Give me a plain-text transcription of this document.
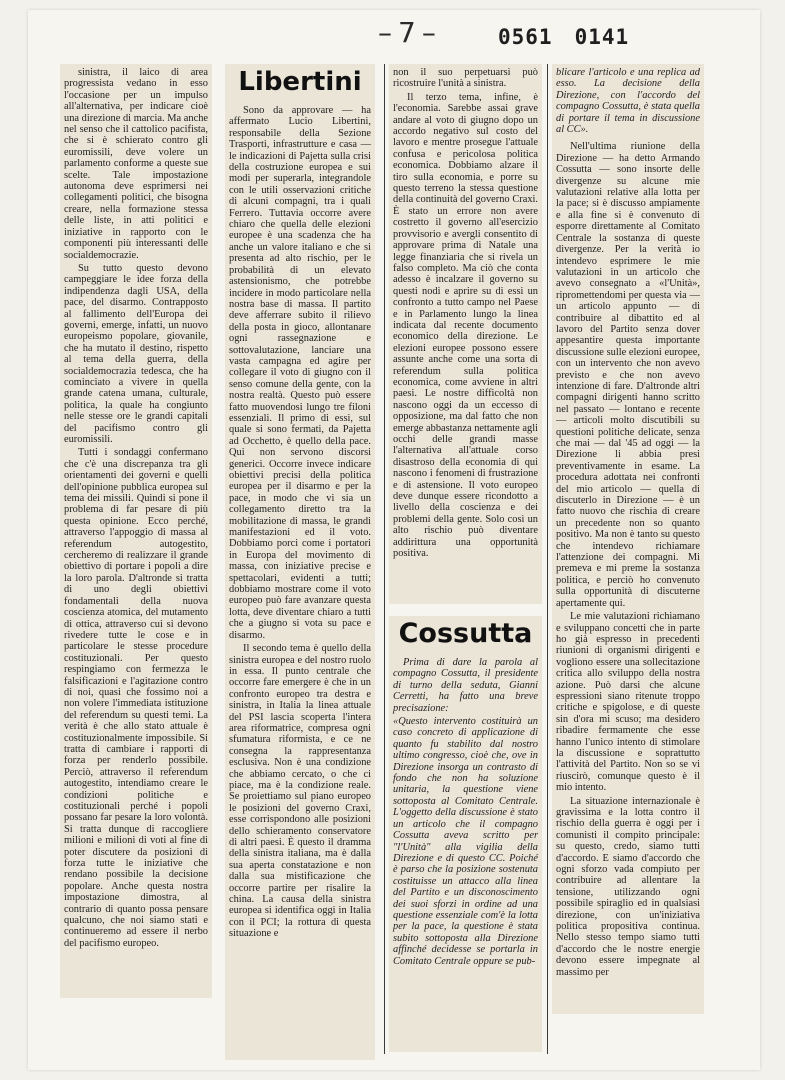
– 7 –	0561 0141

sinistra, il laico di area progressista vedano in esso l'occasione per un impulso all'alternativa, per indicare cioè una direzione di marcia. Ma anche nel senso che il cattolico pacifista, che si è schierato contro gli euromissili, deve volere un parlamento conforme a queste sue scelte. Tale impostazione autonoma deve esprimersi nei collegamenti politici, che bisogna creare, nella formazione stessa delle liste, in atti politici e iniziative in rapporto con le componenti più interessanti delle socialdemocrazie.

Su tutto questo devono campeggiare le idee forza della indipendenza dagli USA, della pace, del disarmo. Contrapposto al fallimento dell'Europa dei governi, emerge, infatti, un nuovo europeismo popolare, giovanile, che ha mutato il destino, rispetto al tema della guerra, della socialdemocrazia tedesca, che ha cominciato a vivere in quella grande catena umana, culturale, politica, la quale ha congiunto nelle stesse ore le grandi capitali del pacifismo contro gli euromissili.

Tutti i sondaggi confermano che c'è una discrepanza tra gli orientamenti dei governi e quelli dell'opinione pubblica europea sul tema dei missili. Quindi si pone il problema di far pesare di più questa opinione. Ecco perché, attraverso l'appoggio di massa al referendum autogestito, cercheremo di realizzare il grande obiettivo di portare i popoli a dire la loro parola. D'altronde si tratta di uno degli obiettivi fondamentali della nuova coscienza atomica, del mutamento di ottica, attraverso cui si devono rivedere tutte le cose e in particolare le stesse procedure costituzionali. Per questo respingiamo con fermezza le falsificazioni e l'agitazione contro di noi, quasi che fossimo noi a non volere l'immediata istituzione del referendum su questi temi. La verità è che allo stato attuale è costituzionalmente impossibile. Si tratta di cambiare i rapporti di forza per renderlo possibile. Perciò, attraverso il referendum autogestito, intendiamo creare le condizioni politiche e costituzionali perché i popoli possano far pesare la loro volontà. Si tratta dunque di raccogliere milioni e milioni di voti al fine di poter discutere da posizioni di forza tutte le iniziative che rendano possibile la decisione popolare. Anche questa nostra impostazione dimostra, al contrario di quanto possa pensare qualcuno, che noi siamo stati e continueremo ad essere il nerbo del pacifismo europeo.

Libertini

Sono da approvare — ha affermato Lucio Libertini, responsabile della Sezione Trasporti, infrastrutture e casa — le indicazioni di Pajetta sulla crisi della costruzione europea e sui modi per superarla, integrandole con le utili osservazioni critiche di alcuni compagni, tra i quali Ferrero. Tuttavia occorre avere chiaro che quella delle elezioni europee è una scadenza che ha anche un valore italiano e che si presenta ad alto rischio, per le probabilità di un elevato astensionismo, che potrebbe incidere in modo particolare nella nostra base di massa. Il partito deve afferrare subito il rilievo della posta in gioco, allontanare ogni rassegnazione e sottovalutazione, lanciare una vasta campagna ed agire per collegare il voto di giugno con il senso comune della gente, con la nostra realtà. Questo può essere fatto muovendosi lungo tre filoni essenziali. Il primo di essi, sul quale si sono fermati, da Pajetta ad Occhetto, è quello della pace. Qui non servono discorsi generici. Occorre invece indicare obiettivi precisi della politica europea per il disarmo e per la pace, in modo che vi sia un collegamento diretto tra la mobilitazione di massa, le grandi manifestazioni ed il voto. Dobbiamo porci come i portatori in Europa del movimento di massa, con iniziative precise e spettacolari, evidenti a tutti; dobbiamo mostrare come il voto europeo può fare avanzare questa lotta, deve diventare chiaro a tutti che a giugno si vota su pace e disarmo.

Il secondo tema è quello della sinistra europea e del nostro ruolo in essa. Il punto centrale che occorre fare emergere è che in un confronto europeo tra destra e sinistra, in Italia la linea attuale del PSI lascia scoperta l'intera area riformatrice, compresa ogni sfumatura riformista, e ce ne consegna la rappresentanza esclusiva. Non è una condizione che abbiamo cercato, o che ci piace, ma è la condizione reale. Se proiettiamo sul piano europeo le posizioni del governo Craxi, esse corrispondono alle posizioni dello schieramento conservatore di altri paesi. È questo il dramma della sinistra italiana, ma è dalla sua aperta constatazione e non dalla sua mistificazione che occorre partire per risalire la china. La causa della sinistra europea si identifica oggi in Italia con il PCI; la rottura di questa situazione e

non il suo perpetuarsi può ricostruire l'unità a sinistra.

Il terzo tema, infine, è l'economia. Sarebbe assai grave andare al voto di giugno dopo un accordo negativo sul costo del lavoro e mentre prosegue l'attuale confusa e pericolosa politica economica. Dobbiamo alzare il tiro sulla economia, e porre su questo terreno la stessa questione della continuità del governo Craxi. È stato un errore non avere costretto il governo all'esercizio provvisorio e avergli consentito di approvare prima di Natale una legge finanziaria che si rivela un falso completo. Ma ciò che conta adesso è incalzare il governo su questi nodi e aprire su di essi un confronto a tutto campo nel Paese e in Parlamento lungo la linea indicata dal recente documento economico della direzione. Le elezioni europee possono essere assunte anche come una sorta di referendum sulla politica economica, come avviene in altri paesi. Le nostre difficoltà non nascono oggi da un eccesso di opposizione, ma dal fatto che non emerge abbastanza nettamente agli occhi delle grandi masse l'alternativa all'attuale corso disastroso della economia di qui nascono i fenomeni di frustrazione e di astensione. Il voto europeo deve dunque essere ricondotto a livello della coscienza e dei problemi della gente. Solo così un alto rischio può diventare addirittura una opportunità positiva.

Cossutta

Prima di dare la parola al compagno Cossutta, il presidente di turno della seduta, Gianni Cerretti, ha fatto una breve precisazione:

«Questo intervento costituirà un caso concreto di applicazione di quanto fu stabilito dal nostro ultimo congresso, cioè che, ove in Direzione insorga un contrasto di fondo che non ha soluzione unitaria, la questione viene sottoposta al Comitato Centrale. L'oggetto della discussione è stato un articolo che il compagno Cossutta aveva scritto per "l'Unità" alla vigilia della Direzione e di questo CC. Poiché è parso che la posizione sostenuta costituisse un attacco alla linea del Partito e un disconoscimento dei suoi sforzi in ordine ad una questione essenziale com'è la lotta per la pace, la questione è stata subito sottoposta alla Direzione affinché decidesse se portarla in Comitato Centrale oppure se pub-

blicare l'articolo e una replica ad esso. La decisione della Direzione, con l'accordo del compagno Cossutta, è stata quella di portare il tema in discussione al CC».

Nell'ultima riunione della Direzione — ha detto Armando Cossutta — sono insorte delle divergenze su alcune mie valutazioni relative alla lotta per la pace; si è discusso ampiamente e alla fine si è convenuto di esporre direttamente al Comitato Centrale la sostanza di queste divergenze. Per la verità io intendevo esprimere le mie valutazioni in un articolo che avevo consegnato a «l'Unità», ripromettendomi per questa via — un articolo appunto — di contribuire al dibattito ed al lavoro del Partito senza dover appesantire questa importante discussione sulle elezioni europee, con un intervento che non avevo previsto e che non avevo intenzione di fare. D'altronde altri compagni dirigenti hanno scritto nel passato — lontano e recente — articoli molto discutibili su questioni politiche delicate, senza che mai — dal '45 ad oggi — la Direzione li abbia presi preventivamente in esame. La procedura adottata nei confronti del mio articolo — quella di discuterlo in Direzione — è un fatto nuovo che rischia di creare un precedente non so quanto positivo. Ma non è tanto su questo che intendevo richiamare l'attenzione dei compagni. Mi premeva e mi preme la sostanza politica, e perciò ho convenuto sulla opportunità di discuterne apertamente qui.

Le mie valutazioni richiamano e sviluppano concetti che in parte ho già espresso in precedenti riunioni di organismi dirigenti e vogliono essere una sollecitazione critica allo sviluppo della nostra azione. Può darsi che alcune espressioni siano ritenute troppo critiche e spigolose, e di queste sin d'ora mi scuso; ma desidero ribadire fermamente che esse hanno l'unico intento di stimolare la discussione e soprattutto l'attività del Partito. Non so se vi riuscirò, comunque questo è il mio intento.

La situazione internazionale è gravissima e la lotta contro il rischio della guerra è oggi per i comunisti il compito principale: su questo, credo, siamo tutti d'accordo. E siamo d'accordo che ogni sforzo vada compiuto per contribuire ad allentare la tensione, utilizzando ogni possibile spiraglio ed in qualsiasi direzione, con un'iniziativa politica propositiva continua. Nello stesso tempo siamo tutti d'accordo che le nostre energie devono essere impegnate al massimo per
